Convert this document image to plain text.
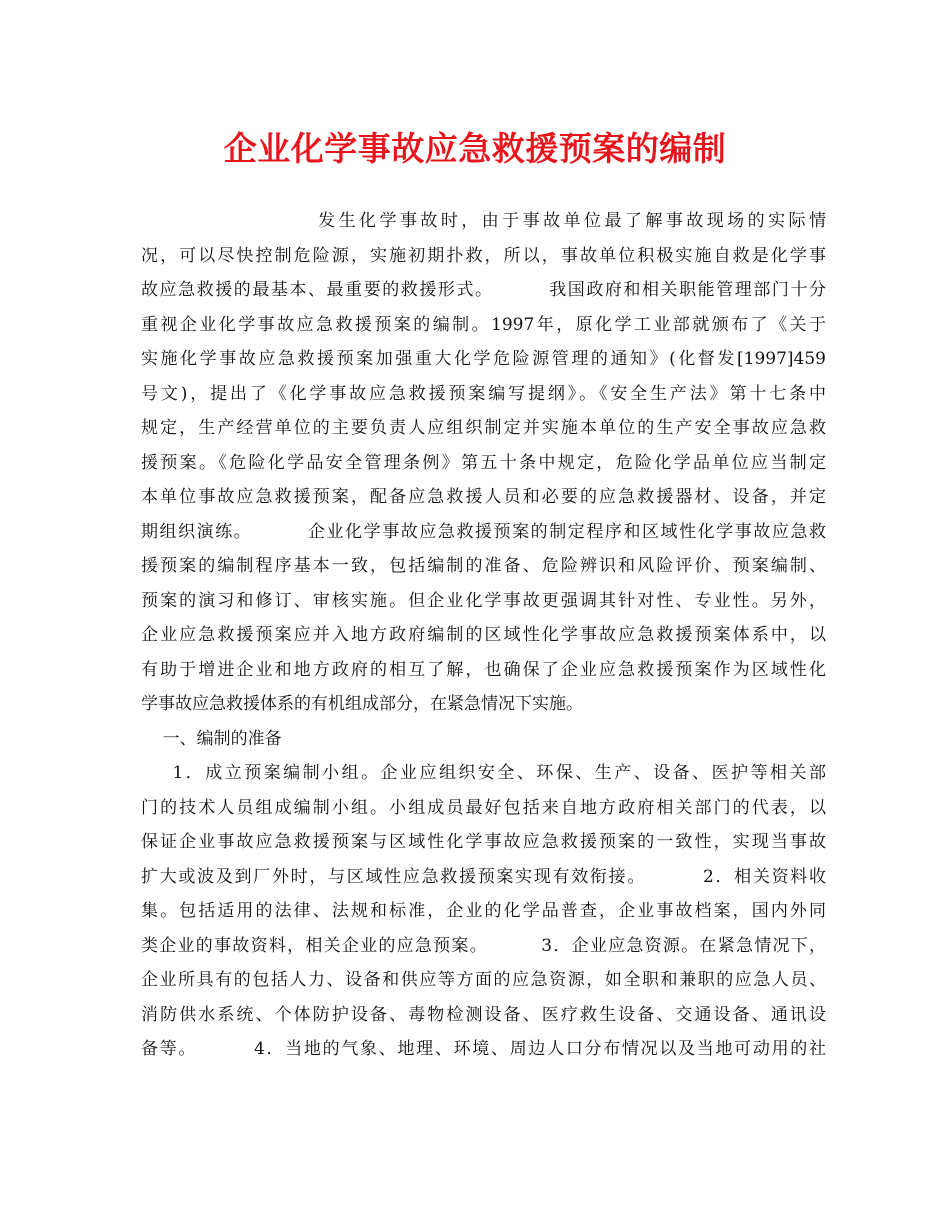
企业化学事故应急救援预案的编制
发生化学事故时，由于事故单位最了解事故现场的实际情
况，可以尽快控制危险源，实施初期扑救，所以，事故单位积极实施自救是化学事
故应急救援的最基本、最重要的救援形式。        我国政府和相关职能管理部门十分
重视企业化学事故应急救援预案的编制。1997年，原化学工业部就颁布了《关于
实施化学事故应急救援预案加强重大化学危险源管理的通知》(化督发[1997]459
号文)，提出了《化学事故应急救援预案编写提纲》。《安全生产法》第十七条中
规定，生产经营单位的主要负责人应组织制定并实施本单位的生产安全事故应急救
援预案。《危险化学品安全管理条例》第五十条中规定，危险化学品单位应当制定
本单位事故应急救援预案，配备应急救援人员和必要的应急救援器材、设备，并定
期组织演练。        企业化学事故应急救援预案的制定程序和区域性化学事故应急救
援预案的编制程序基本一致，包括编制的准备、危险辨识和风险评价、预案编制、
预案的演习和修订、审核实施。但企业化学事故更强调其针对性、专业性。另外，
企业应急救援预案应并入地方政府编制的区域性化学事故应急救援预案体系中，以
有助于增进企业和地方政府的相互了解，也确保了企业应急救援预案作为区域性化
学事故应急救援体系的有机组成部分，在紧急情况下实施。
一、编制的准备
1．成立预案编制小组。企业应组织安全、环保、生产、设备、医护等相关部
门的技术人员组成编制小组。小组成员最好包括来自地方政府相关部门的代表，以
保证企业事故应急救援预案与区域性化学事故应急救援预案的一致性，实现当事故
扩大或波及到厂外时，与区域性应急救援预案实现有效衔接。        2．相关资料收
集。包括适用的法律、法规和标准，企业的化学品普查，企业事故档案，国内外同
类企业的事故资料，相关企业的应急预案。        3．企业应急资源。在紧急情况下，
企业所具有的包括人力、设备和供应等方面的应急资源，如全职和兼职的应急人员、
消防供水系统、个体防护设备、毒物检测设备、医疗救生设备、交通设备、通讯设
备等。        4．当地的气象、地理、环境、周边人口分布情况以及当地可动用的社
